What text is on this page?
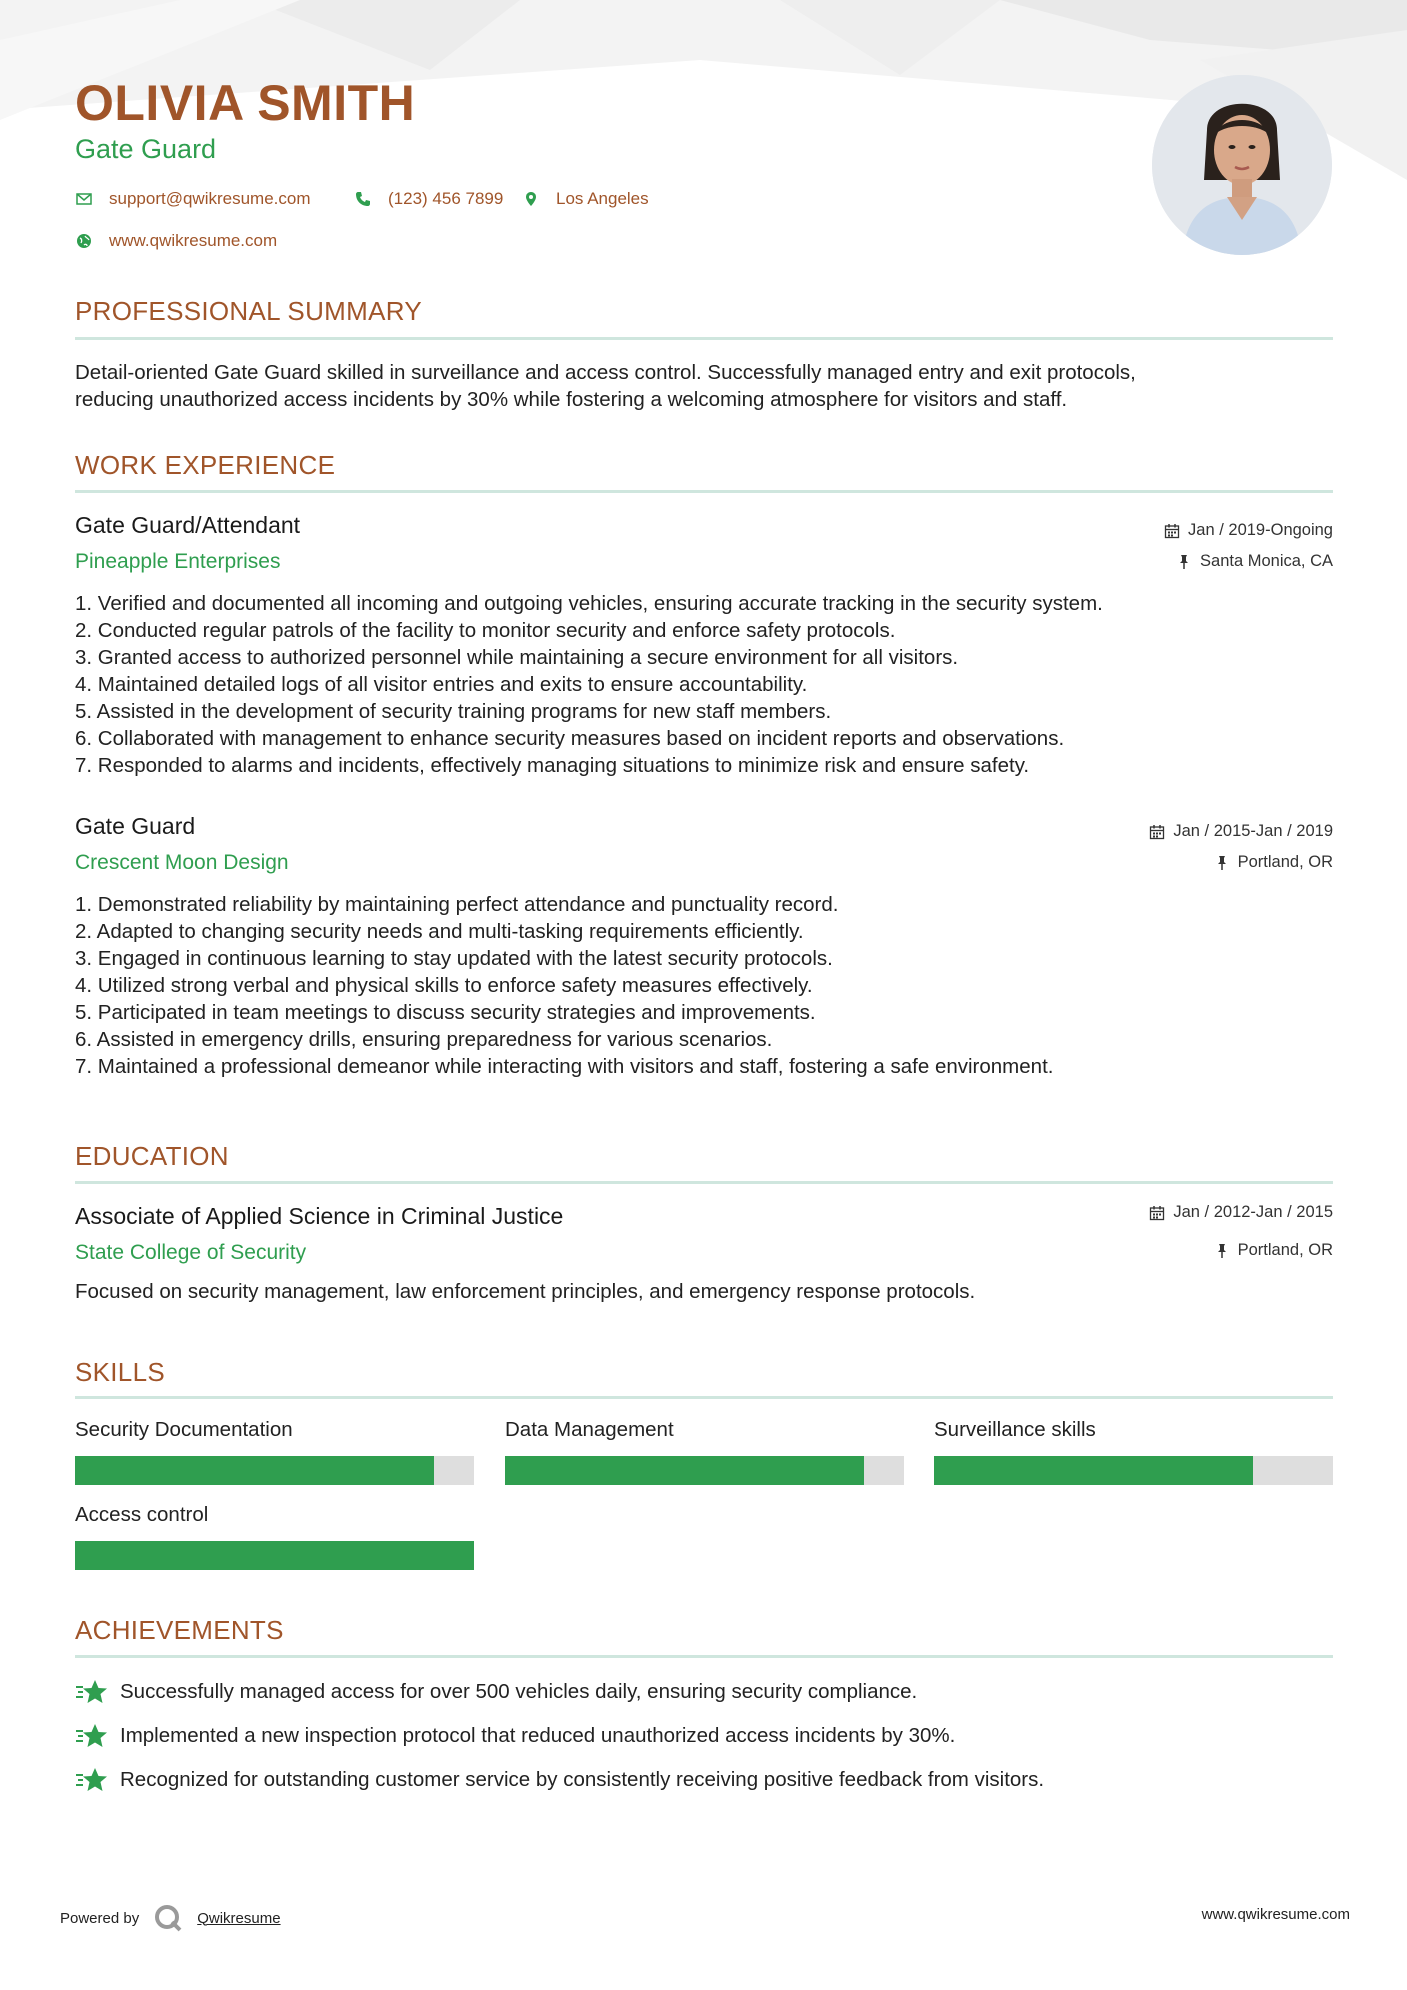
OLIVIA SMITH
Gate Guard
support@qwikresume.com	(123) 456 7899	Los Angeles
www.qwikresume.com
PROFESSIONAL SUMMARY
Detail-oriented Gate Guard skilled in surveillance and access control. Successfully managed entry and exit protocols,
reducing unauthorized access incidents by 30% while fostering a welcoming atmosphere for visitors and staff.
WORK EXPERIENCE
Gate Guard/Attendant
Pineapple Enterprises
Jan / 2019-Ongoing
Santa Monica, CA
1. Verified and documented all incoming and outgoing vehicles, ensuring accurate tracking in the security system.
2. Conducted regular patrols of the facility to monitor security and enforce safety protocols.
3. Granted access to authorized personnel while maintaining a secure environment for all visitors.
4. Maintained detailed logs of all visitor entries and exits to ensure accountability.
5. Assisted in the development of security training programs for new staff members.
6. Collaborated with management to enhance security measures based on incident reports and observations.
7. Responded to alarms and incidents, effectively managing situations to minimize risk and ensure safety.
Gate Guard
Crescent Moon Design
Jan / 2015-Jan / 2019
Portland, OR
1. Demonstrated reliability by maintaining perfect attendance and punctuality record.
2. Adapted to changing security needs and multi-tasking requirements efficiently.
3. Engaged in continuous learning to stay updated with the latest security protocols.
4. Utilized strong verbal and physical skills to enforce safety measures effectively.
5. Participated in team meetings to discuss security strategies and improvements.
6. Assisted in emergency drills, ensuring preparedness for various scenarios.
7. Maintained a professional demeanor while interacting with visitors and staff, fostering a safe environment.
EDUCATION
Associate of Applied Science in Criminal Justice
State College of Security
Jan / 2012-Jan / 2015
Portland, OR
Focused on security management, law enforcement principles, and emergency response protocols.
SKILLS
Security Documentation	Data Management	Surveillance skills
Access control
ACHIEVEMENTS
Successfully managed access for over 500 vehicles daily, ensuring security compliance.
Implemented a new inspection protocol that reduced unauthorized access incidents by 30%.
Recognized for outstanding customer service by consistently receiving positive feedback from visitors.
Powered by	Qwikresume	www.qwikresume.com
